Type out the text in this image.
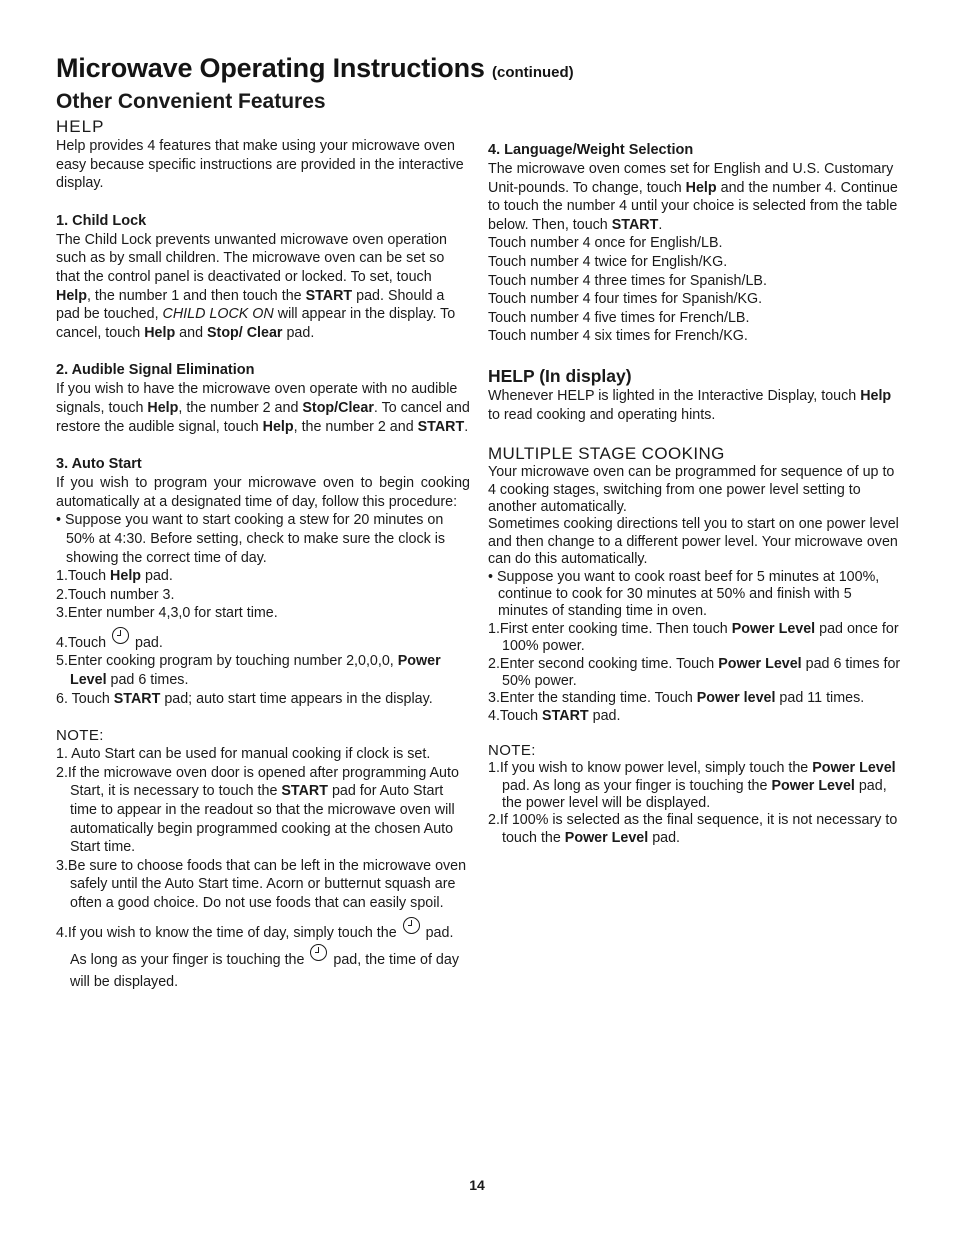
Microwave Operating Instructions (continued)
Other Convenient Features
HELP

Help provides 4 features that make using your microwave oven easy because specific instructions are provided in the interactive display.

1. Child Lock

The Child Lock prevents unwanted microwave oven operation such as by small children. The microwave oven can be set so that the control panel is deactivated or locked. To set, touch Help, the number 1 and then touch the START pad. Should a pad be touched, CHILD LOCK ON will appear in the display. To cancel, touch Help and Stop/ Clear pad.

2. Audible Signal Elimination

If you wish to have the microwave oven operate with no audible signals, touch Help, the number 2 and Stop/Clear. To cancel and restore the audible signal, touch Help, the number 2 and START.

3. Auto Start

If you wish to program your microwave oven to begin cooking automatically at a designated time of day, follow this procedure:

• Suppose you want to start cooking a stew for 20 minutes on 50% at 4:30. Before setting, check to make sure the clock is showing the correct time of day.

1.Touch Help pad.
2.Touch number 3.
3.Enter number 4,3,0 for start time.
4.Touch  pad.
5.Enter cooking program by touching number 2,0,0,0, Power Level pad 6 times.
6. Touch START pad; auto start time appears in the display.

NOTE:

1. Auto Start can be used for manual cooking if clock is set.
2.If the microwave oven door is opened after programming Auto Start, it is necessary to touch the START pad for Auto Start time to appear in the readout so that the microwave oven will automatically begin programmed cooking at the chosen Auto Start time.
3.Be sure to choose foods that can be left in the microwave oven safely until the Auto Start time. Acorn or butternut squash are often a good choice. Do not use foods that can easily spoil.
4.If you wish to know the time of day, simply touch the  pad. As long as your finger is touching the  pad, the time of day will be displayed.
4. Language/Weight Selection

The microwave oven comes set for English and U.S. Customary Unit-pounds. To change, touch Help and the number 4. Continue to touch the number 4 until your choice is selected from the table below. Then, touch START.

Touch number 4 once for English/LB.

Touch number 4 twice for English/KG.

Touch number 4 three times for Spanish/LB.

Touch number 4 four times for Spanish/KG.

Touch number 4 five times for French/LB.

Touch number 4 six times for French/KG.

HELP (In display)

Whenever HELP is lighted in the Interactive Display, touch Help to read cooking and operating hints.

MULTIPLE STAGE COOKING

Your microwave oven can be programmed for sequence of up to 4 cooking stages, switching from one power level setting to another automatically.

Sometimes cooking directions tell you to start on one power level and then change to a different power level. Your microwave oven can do this automatically.

• Suppose you want to cook roast beef for 5 minutes at 100%, continue to cook for 30 minutes at 50% and finish with 5 minutes of standing time in oven.

1.First enter cooking time. Then touch Power Level pad once for 100% power.
2.Enter second cooking time. Touch Power Level pad 6 times for 50% power.
3.Enter the standing time. Touch Power level pad 11 times.
4.Touch START pad.

NOTE:

1.If you wish to know power level, simply touch the Power Level pad. As long as your finger is touching the Power Level pad, the power level will be displayed.
2.If 100% is selected as the final sequence, it is not necessary to touch the Power Level pad.
14
